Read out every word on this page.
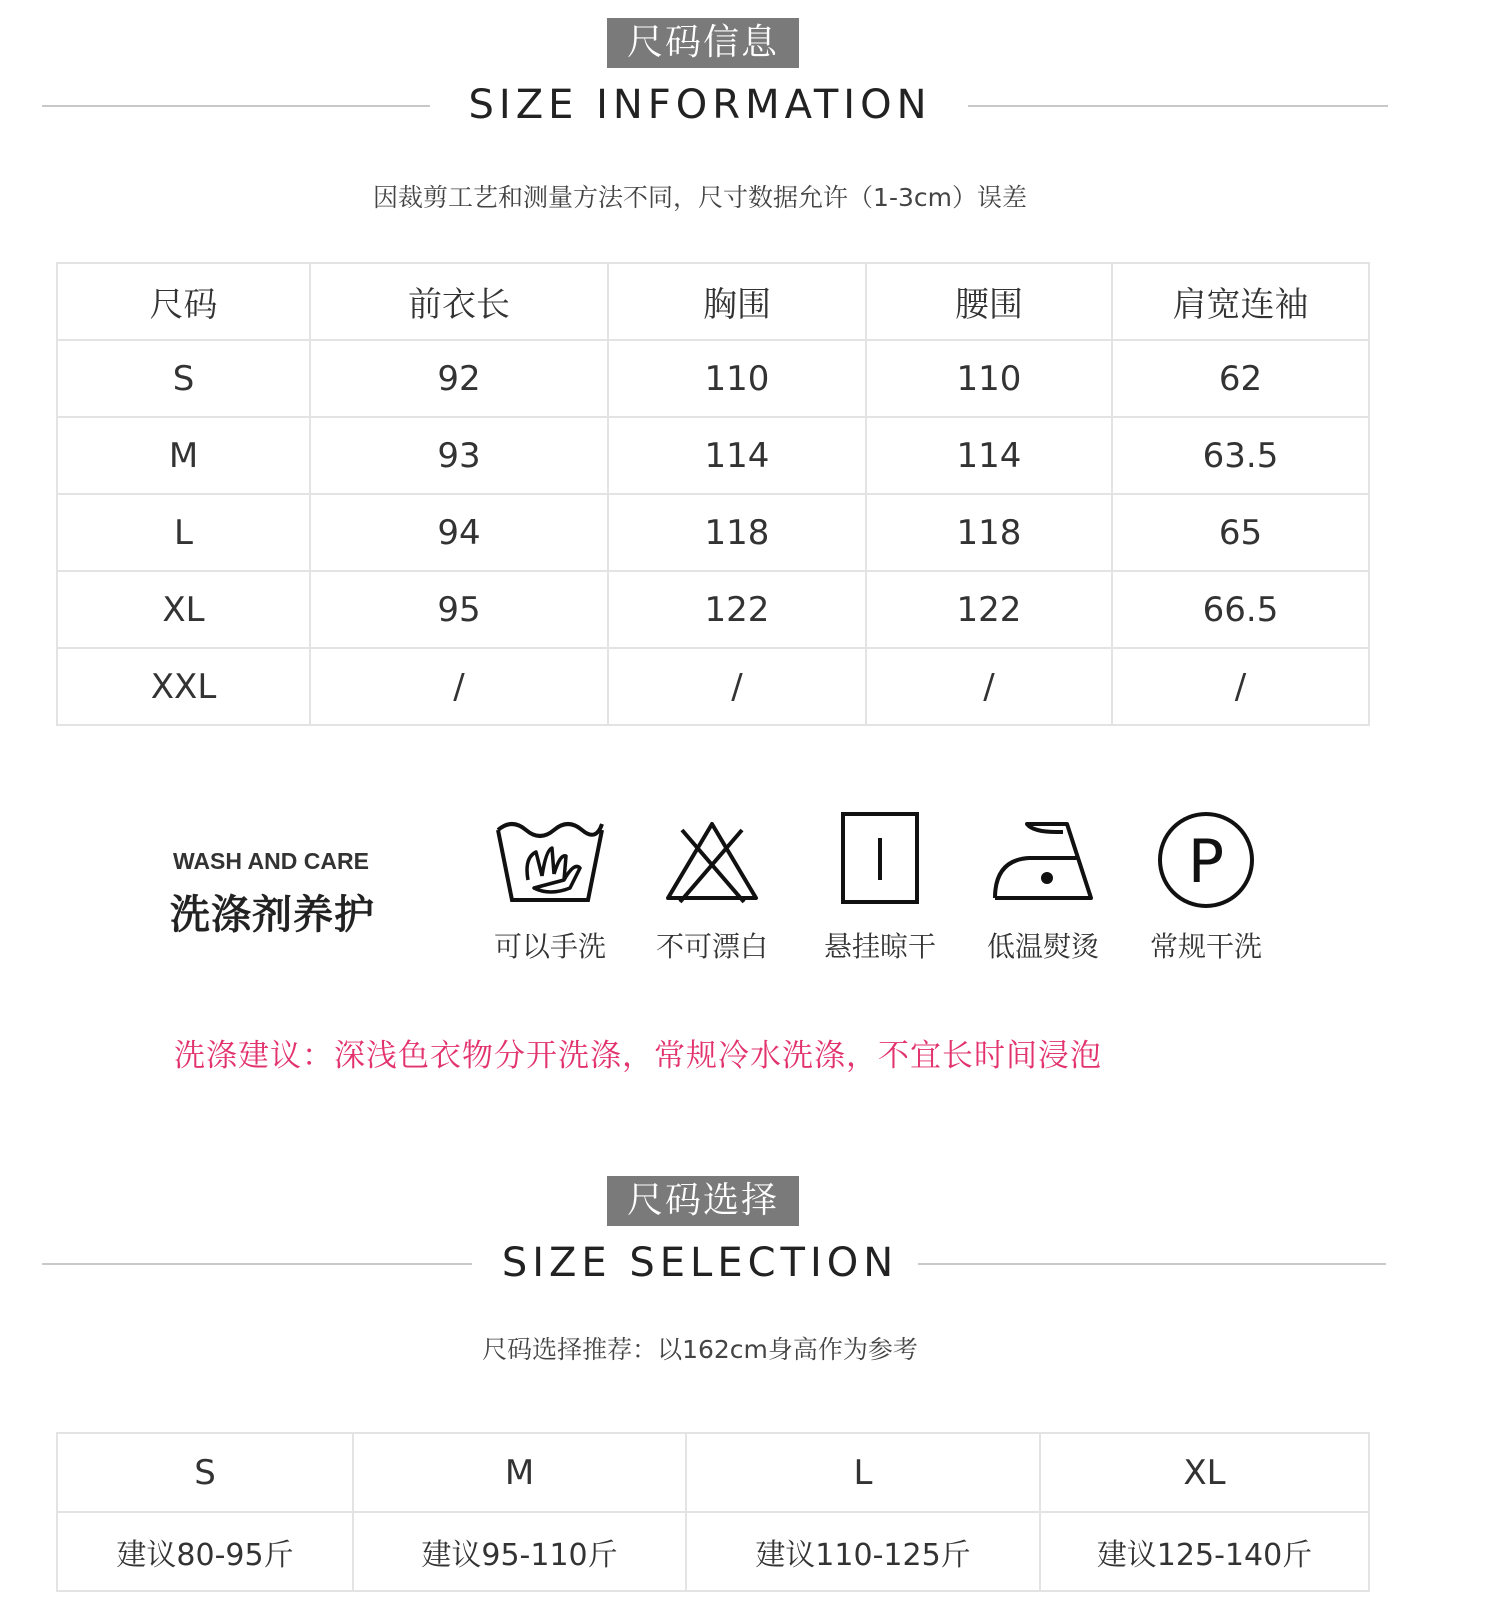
尺码信息
SIZE INFORMATION
因裁剪工艺和测量方法不同，尺寸数据允许（1-3cm）误差
尺码	前衣长	胸围	腰围	肩宽连袖
S	92	110	110	62
M	93	114	114	63.5
L	94	118	118	65
XL	95	122	122	66.5
XXL	/	/	/	/
WASH AND CARE
洗涤剂养护
可以手洗	不可漂白	悬挂晾干	低温熨烫
P
常规干洗
洗涤建议：深浅色衣物分开洗涤，常规冷水洗涤，不宜长时间浸泡
尺码选择
SIZE SELECTION
尺码选择推荐：以162cm身高作为参考
S	M	L	XL
建议80-95斤	建议95-110斤	建议110-125斤	建议125-140斤
